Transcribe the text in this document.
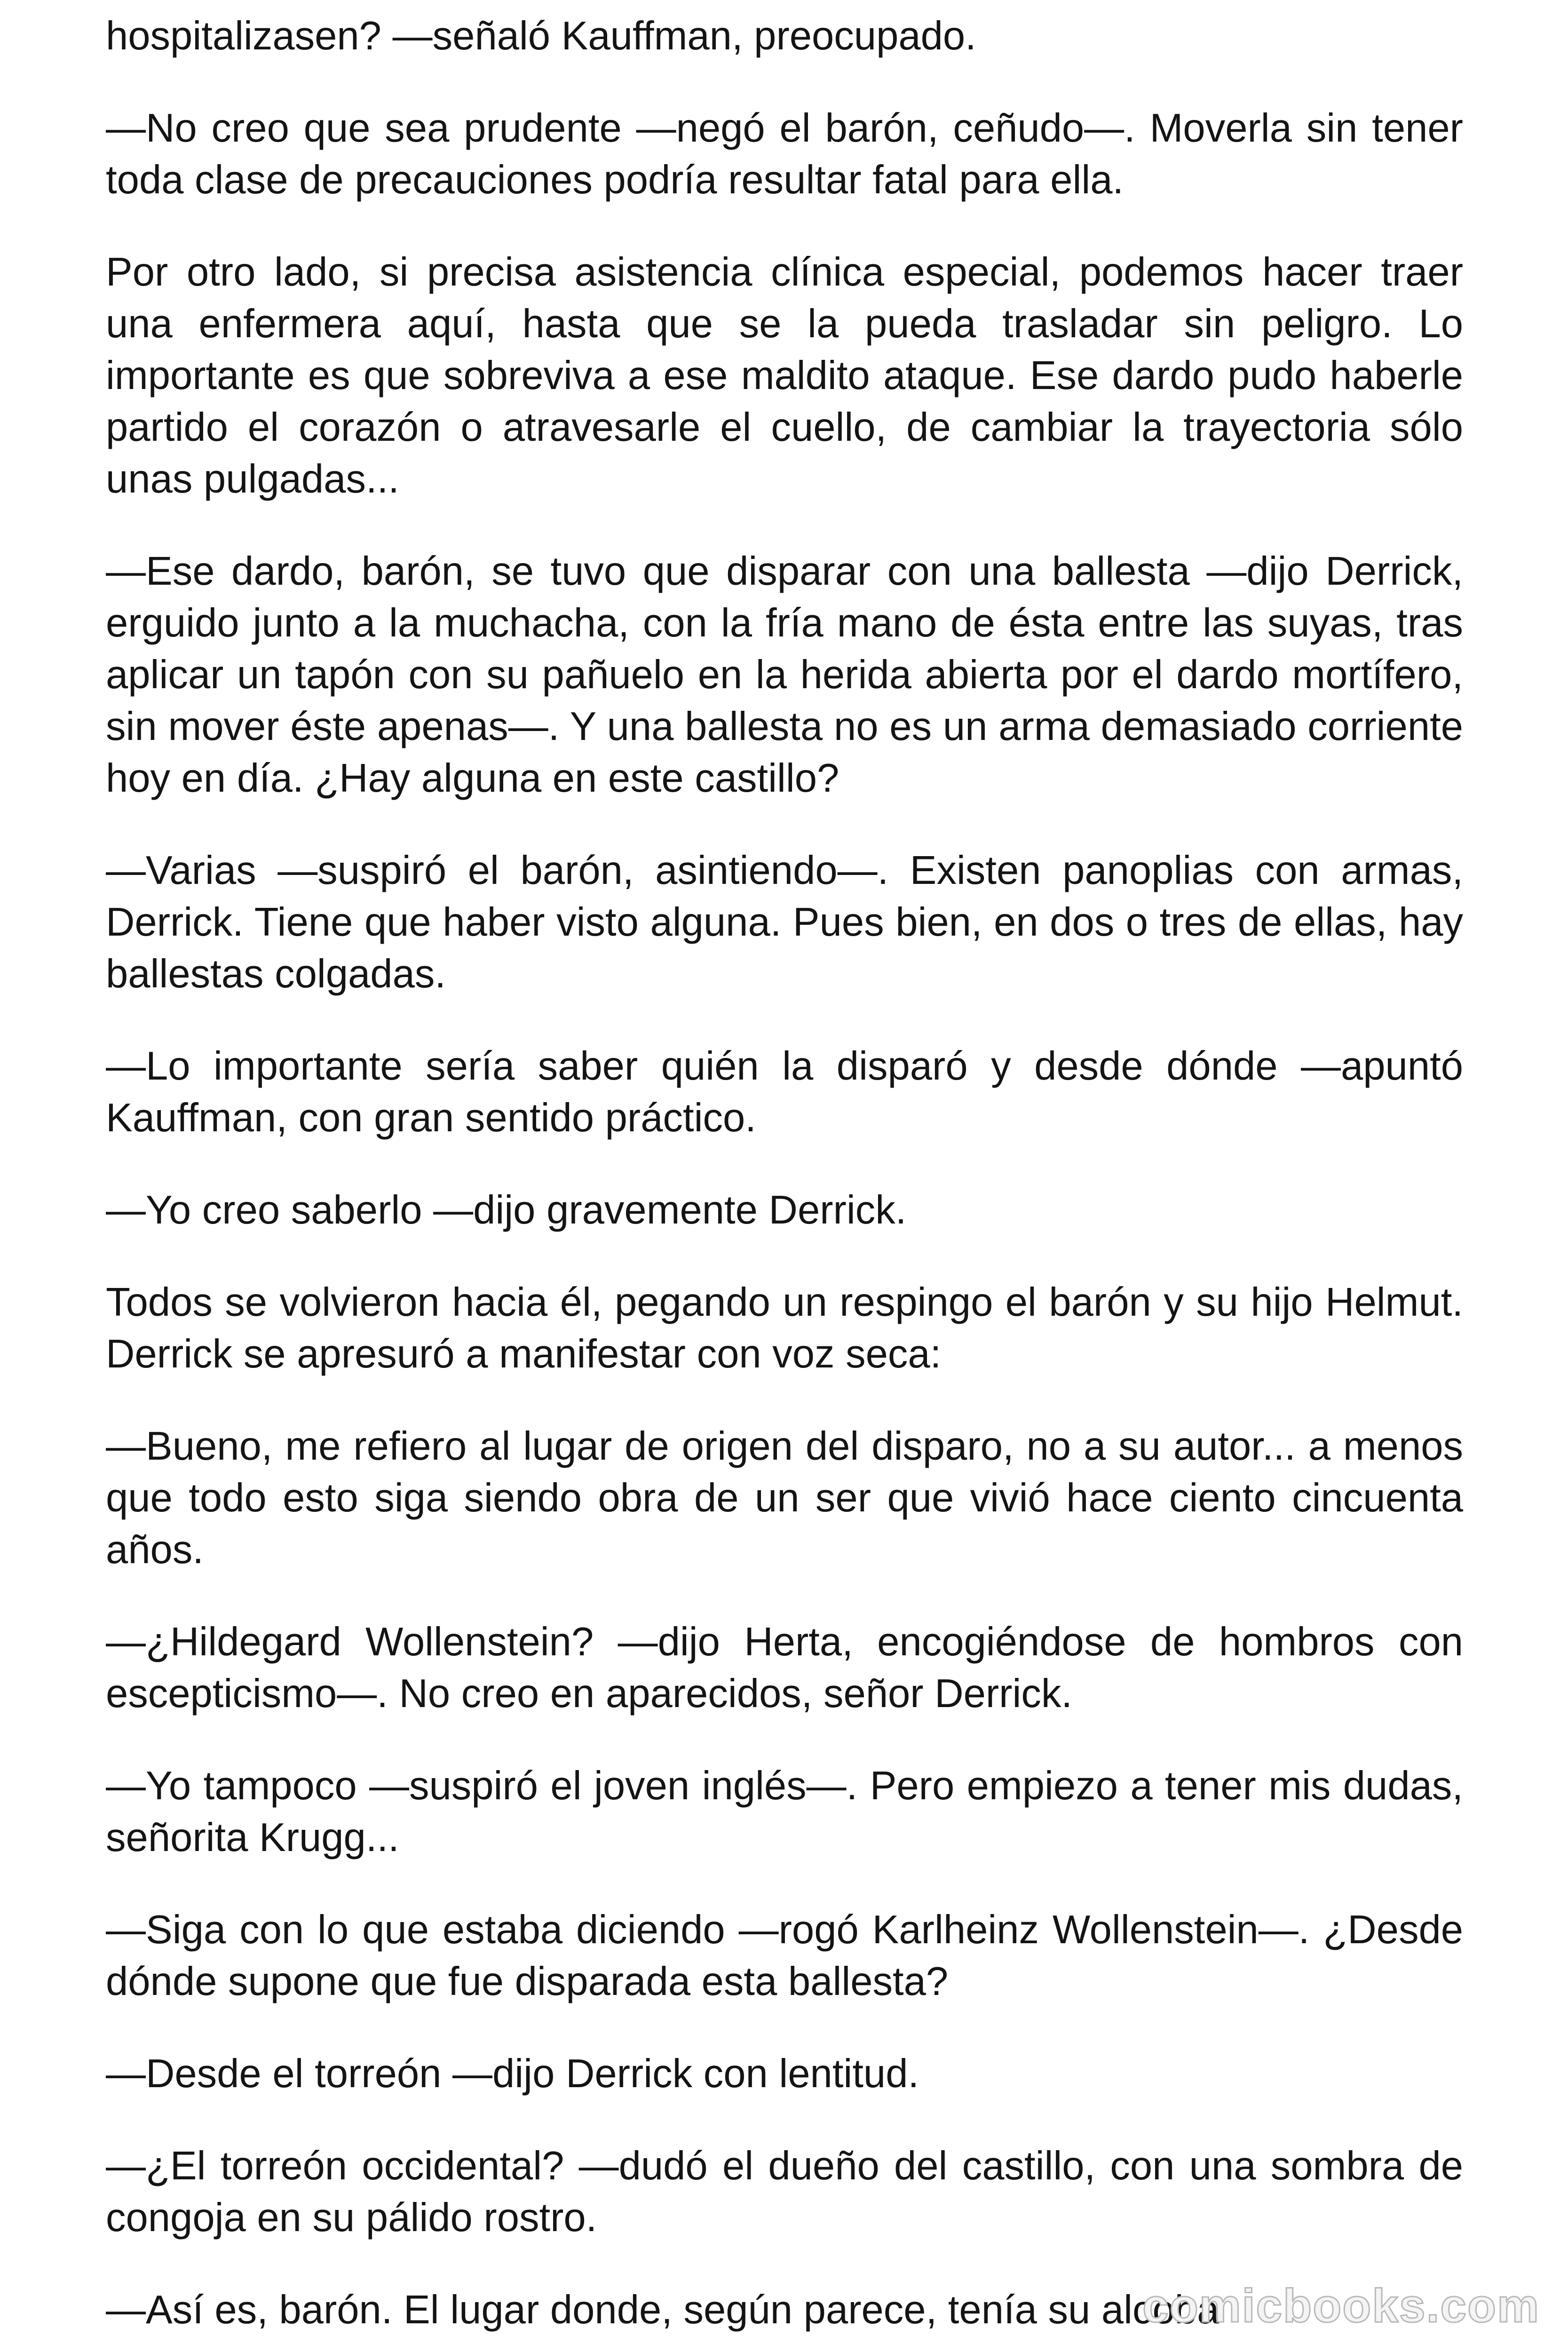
hospitalizasen? —señaló Kauffman, preocupado.

—No creo que sea prudente —negó el barón, ceñudo—. Moverla sin tener toda clase de precauciones podría resultar fatal para ella.

Por otro lado, si precisa asistencia clínica especial, podemos hacer traer una enfermera aquí, hasta que se la pueda trasladar sin peligro. Lo importante es que sobreviva a ese maldito ataque. Ese dardo pudo haberle partido el corazón o atravesarle el cuello, de cambiar la trayectoria sólo unas pulgadas...

—Ese dardo, barón, se tuvo que disparar con una ballesta —dijo Derrick, erguido junto a la muchacha, con la fría mano de ésta entre las suyas, tras aplicar un tapón con su pañuelo en la herida abierta por el dardo mortífero, sin mover éste apenas—. Y una ballesta no es un arma demasiado corriente hoy en día. ¿Hay alguna en este castillo?

—Varias —suspiró el barón, asintiendo—. Existen panoplias con armas, Derrick. Tiene que haber visto alguna. Pues bien, en dos o tres de ellas, hay ballestas colgadas.

—Lo importante sería saber quién la disparó y desde dónde —apuntó Kauffman, con gran sentido práctico.

—Yo creo saberlo —dijo gravemente Derrick.

Todos se volvieron hacia él, pegando un respingo el barón y su hijo Helmut. Derrick se apresuró a manifestar con voz seca:

—Bueno, me refiero al lugar de origen del disparo, no a su autor... a menos que todo esto siga siendo obra de un ser que vivió hace ciento cincuenta años.

—¿Hildegard Wollenstein? —dijo Herta, encogiéndose de hombros con escepticismo—. No creo en aparecidos, señor Derrick.

—Yo tampoco —suspiró el joven inglés—. Pero empiezo a tener mis dudas, señorita Krugg...

—Siga con lo que estaba diciendo —rogó Karlheinz Wollenstein—. ¿Desde dónde supone que fue disparada esta ballesta?

—Desde el torreón —dijo Derrick con lentitud.

—¿El torreón occidental? —dudó el dueño del castillo, con una sombra de congoja en su pálido rostro.

—Así es, barón. El lugar donde, según parece, tenía su alcoba

comicbooks.com
